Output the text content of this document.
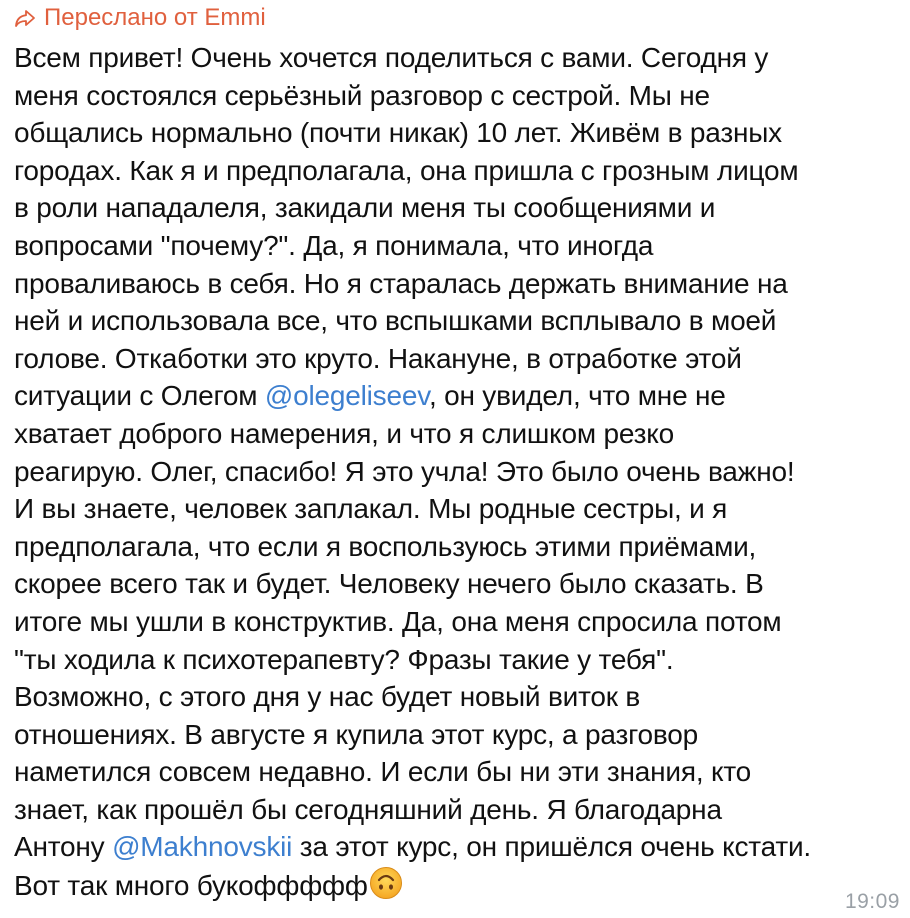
Переслано от Emmi
Всем привет! Очень хочется поделиться с вами. Сегодня у
меня состоялся серьёзный разговор с сестрой. Мы не
общались нормально (почти никак) 10 лет. Живём в разных
городах. Как я и предполагала, она пришла с грозным лицом
в роли нападалеля, закидали меня ты сообщениями и
вопросами "почему?". Да, я понимала, что иногда
проваливаюсь в себя. Но я старалась держать внимание на
ней и использовала все, что вспышками всплывало в моей
голове. Откаботки это круто. Накануне, в отработке этой
ситуации с Олегом @olegeliseev, он увидел, что мне не
хватает доброго намерения, и что я слишком резко
реагирую. Олег, спасибо! Я это учла! Это было очень важно!
И вы знаете, человек заплакал. Мы родные сестры, и я
предполагала, что если я воспользуюсь этими приёмами,
скорее всего так и будет. Человеку нечего было сказать. В
итоге мы ушли в конструктив. Да, она меня спросила потом
"ты ходила к психотерапевту? Фразы такие у тебя".
Возможно, с этого дня у нас будет новый виток в
отношениях. В августе я купила этот курс, а разговор
наметился совсем недавно. И если бы ни эти знания, кто
знает, как прошёл бы сегодняшний день. Я благодарна
Антону @Makhnovskii за этот курс, он пришёлся очень кстати.
Вот так много букоффффф
19:09
